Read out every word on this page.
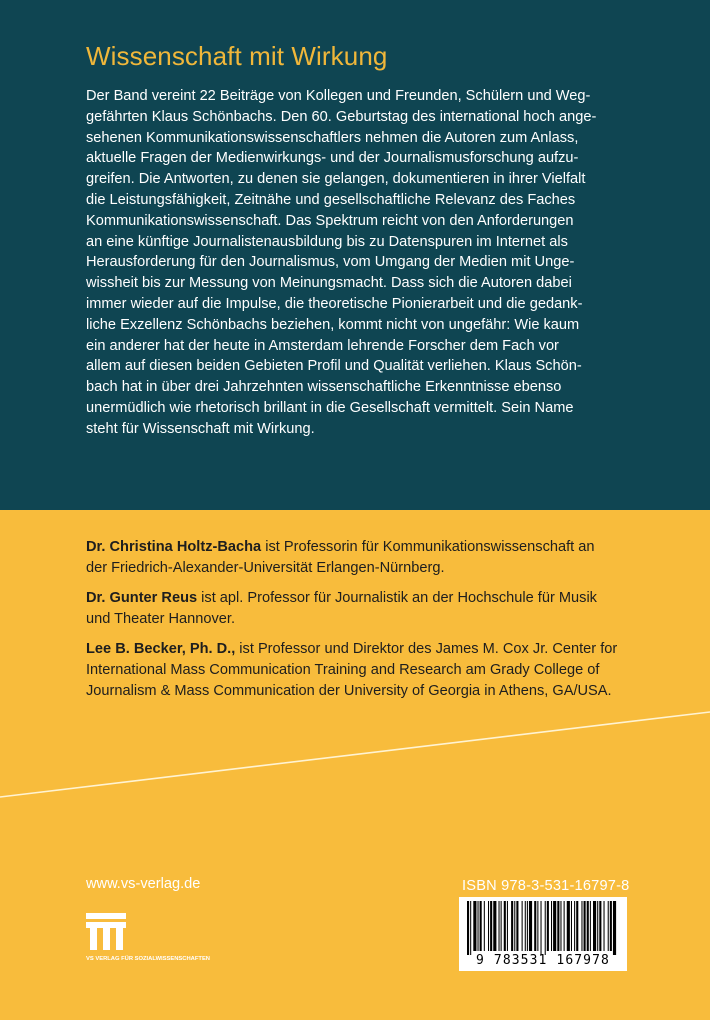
Wissenschaft mit Wirkung
Der Band vereint 22 Beiträge von Kollegen und Freunden, Schülern und Weg-
gefährten Klaus Schönbachs. Den 60. Geburtstag des international hoch ange-
sehenen Kommunikationswissenschaftlers nehmen die Autoren zum Anlass,
aktuelle Fragen der Medienwirkungs- und der Journalismusforschung aufzu-
greifen. Die Antworten, zu denen sie gelangen, dokumentieren in ihrer Vielfalt
die Leistungsfähigkeit, Zeitnähe und gesellschaftliche Relevanz des Faches
Kommunikationswissenschaft. Das Spektrum reicht von den Anforderungen
an eine künftige Journalistenausbildung bis zu Datenspuren im Internet als
Herausforderung für den Journalismus, vom Umgang der Medien mit Unge-
wissheit bis zur Messung von Meinungsmacht. Dass sich die Autoren dabei
immer wieder auf die Impulse, die theoretische Pionierarbeit und die gedank-
liche Exzellenz Schönbachs beziehen, kommt nicht von ungefähr: Wie kaum
ein anderer hat der heute in Amsterdam lehrende Forscher dem Fach vor
allem auf diesen beiden Gebieten Profil und Qualität verliehen. Klaus Schön-
bach hat in über drei Jahrzehnten wissenschaftliche Erkenntnisse ebenso
unermüdlich wie rhetorisch brillant in die Gesellschaft vermittelt. Sein Name
steht für Wissenschaft mit Wirkung.

Dr. Christina Holtz-Bacha ist Professorin für Kommunikationswissenschaft an
der Friedrich-Alexander-Universität Erlangen-Nürnberg.

Dr. Gunter Reus ist apl. Professor für Journalistik an der Hochschule für Musik
und Theater Hannover.

Lee B. Becker, Ph. D., ist Professor und Direktor des James M. Cox Jr. Center for
International Mass Communication Training and Research am Grady College of
Journalism & Mass Communication der University of Georgia in Athens, GA/USA.

www.vs-verlag.de
VS VERLAG FÜR SOZIALWISSENSCHAFTEN
ISBN 978-3-531-16797-8
9 783531 167978
